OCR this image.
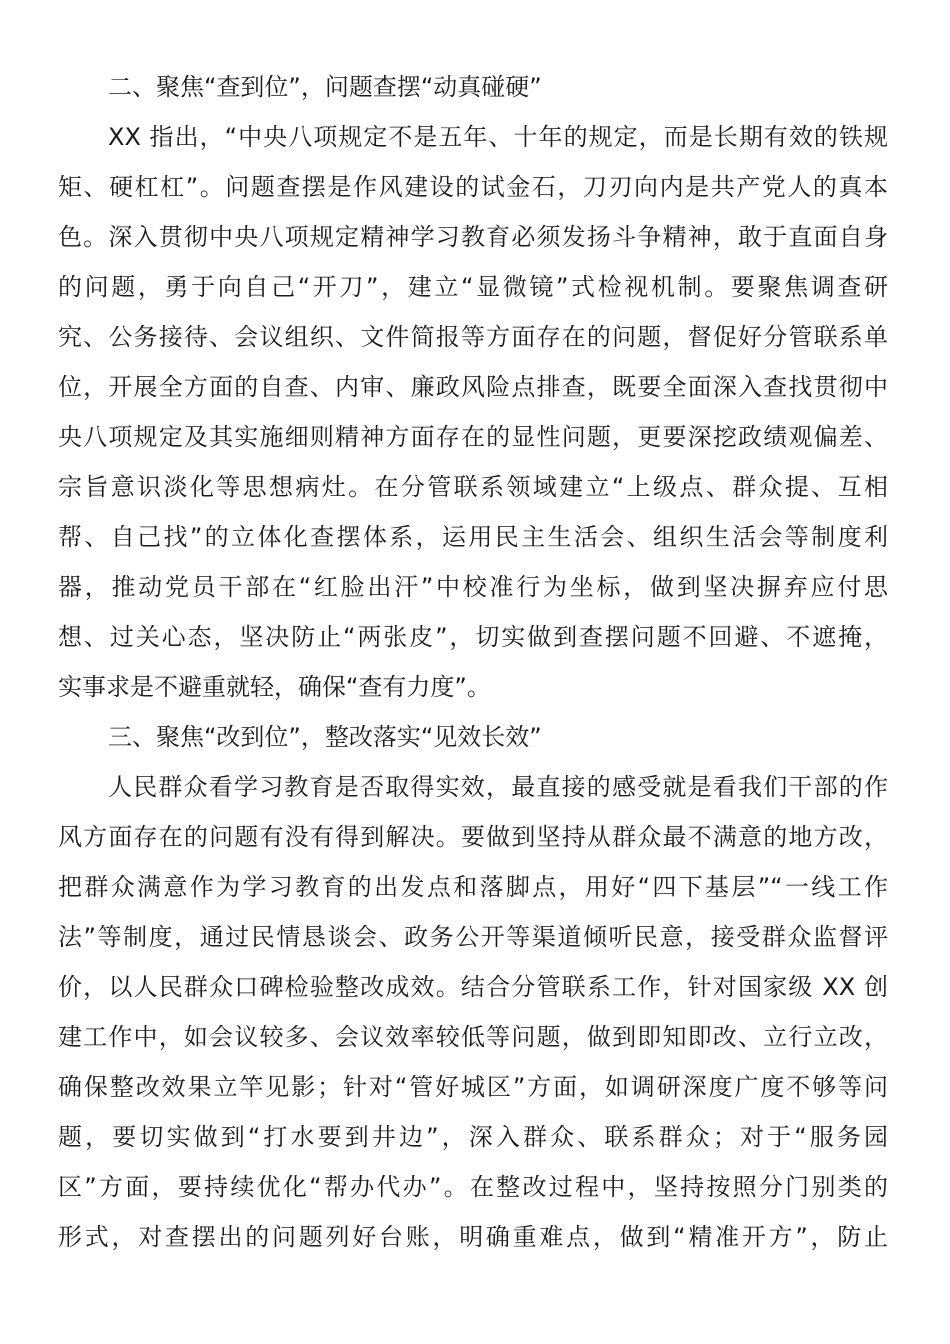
二、聚焦“查到位”，问题查摆“动真碰硬”
XX 指出，“中央八项规定不是五年、十年的规定，而是长期有效的铁规
矩、硬杠杠”。问题查摆是作风建设的试金石，刀刃向内是共产党人的真本
色。深入贯彻中央八项规定精神学习教育必须发扬斗争精神，敢于直面自身
的问题，勇于向自己“开刀”，建立“显微镜”式检视机制。要聚焦调查研
究、公务接待、会议组织、文件简报等方面存在的问题，督促好分管联系单
位，开展全方面的自查、内审、廉政风险点排查，既要全面深入查找贯彻中
央八项规定及其实施细则精神方面存在的显性问题，更要深挖政绩观偏差、
宗旨意识淡化等思想病灶。在分管联系领域建立“上级点、群众提、互相
帮、自己找”的立体化查摆体系，运用民主生活会、组织生活会等制度利
器，推动党员干部在“红脸出汗”中校准行为坐标，做到坚决摒弃应付思
想、过关心态，坚决防止“两张皮”，切实做到查摆问题不回避、不遮掩，
实事求是不避重就轻，确保“查有力度”。
三、聚焦“改到位”，整改落实“见效长效”
人民群众看学习教育是否取得实效，最直接的感受就是看我们干部的作
风方面存在的问题有没有得到解决。要做到坚持从群众最不满意的地方改，
把群众满意作为学习教育的出发点和落脚点，用好“四下基层”“一线工作
法”等制度，通过民情恳谈会、政务公开等渠道倾听民意，接受群众监督评
价，以人民群众口碑检验整改成效。结合分管联系工作，针对国家级 XX 创
建工作中，如会议较多、会议效率较低等问题，做到即知即改、立行立改，
确保整改效果立竿见影；针对“管好城区”方面，如调研深度广度不够等问
题，要切实做到“打水要到井边”，深入群众、联系群众；对于“服务园
区”方面，要持续优化“帮办代办”。在整改过程中，坚持按照分门别类的
形式，对查摆出的问题列好台账，明确重难点，做到“精准开方”，防止
